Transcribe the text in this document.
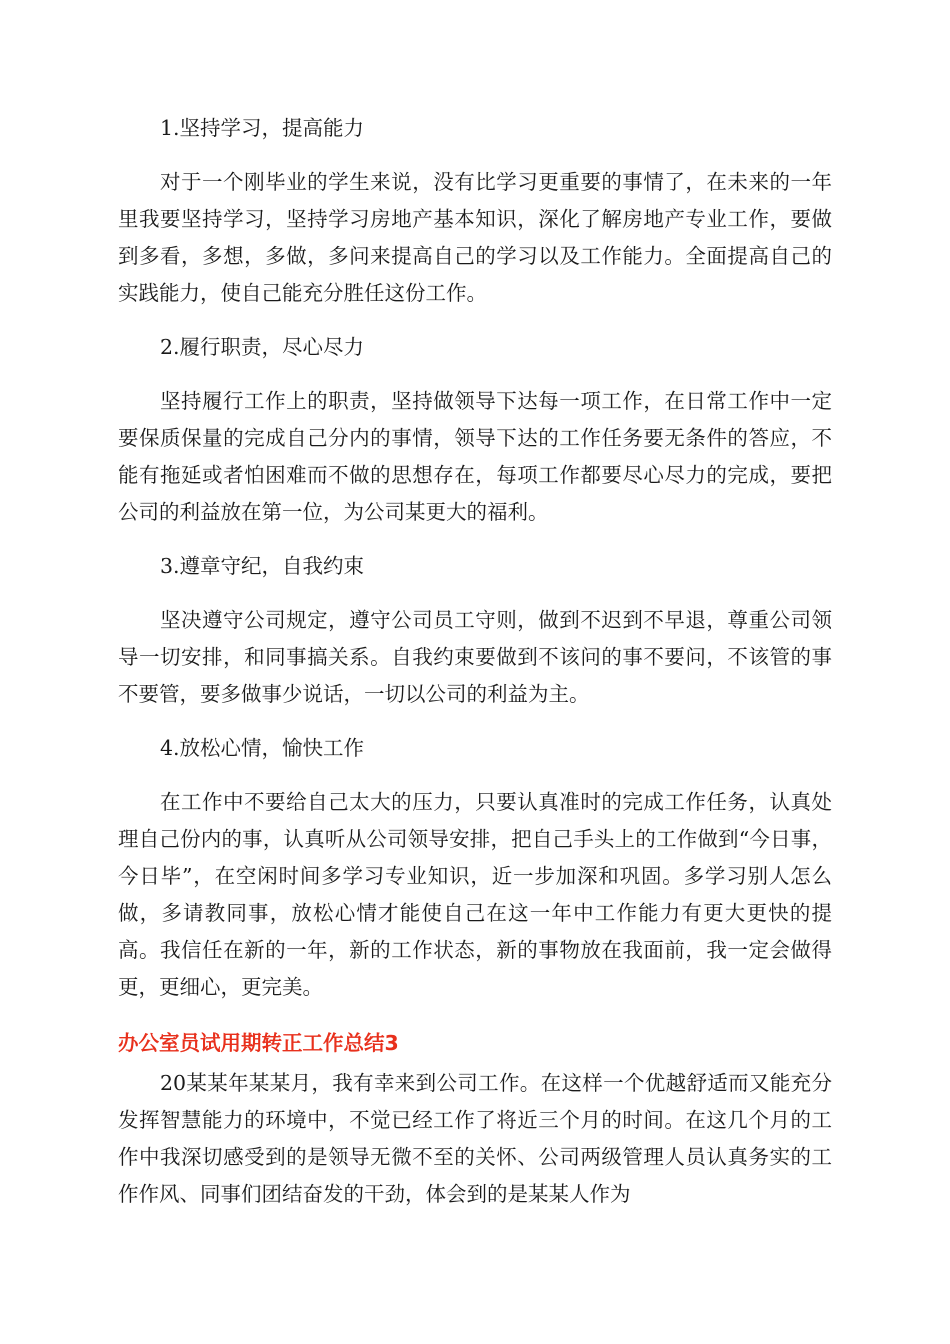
1.坚持学习，提高能力

对于一个刚毕业的学生来说，没有比学习更重要的事情了，在未来的一年里我要坚持学习，坚持学习房地产基本知识，深化了解房地产专业工作，要做到多看，多想，多做，多问来提高自己的学习以及工作能力。全面提高自己的实践能力，使自己能充分胜任这份工作。

2.履行职责，尽心尽力

坚持履行工作上的职责，坚持做领导下达每一项工作，在日常工作中一定要保质保量的完成自己分内的事情，领导下达的工作任务要无条件的答应，不能有拖延或者怕困难而不做的思想存在，每项工作都要尽心尽力的完成，要把公司的利益放在第一位，为公司某更大的福利。

3.遵章守纪，自我约束

坚决遵守公司规定，遵守公司员工守则，做到不迟到不早退，尊重公司领导一切安排，和同事搞关系。自我约束要做到不该问的事不要问，不该管的事不要管，要多做事少说话，一切以公司的利益为主。

4.放松心情，愉快工作

在工作中不要给自己太大的压力，只要认真准时的完成工作任务，认真处理自己份内的事，认真听从公司领导安排，把自己手头上的工作做到“今日事，今日毕”，在空闲时间多学习专业知识，近一步加深和巩固。多学习别人怎么做，多请教同事，放松心情才能使自己在这一年中工作能力有更大更快的提高。我信任在新的一年，新的工作状态，新的事物放在我面前，我一定会做得更，更细心，更完美。

办公室员试用期转正工作总结3

20某某年某某月，我有幸来到公司工作。在这样一个优越舒适而又能充分发挥智慧能力的环境中，不觉已经工作了将近三个月的时间。在这几个月的工作中我深切感受到的是领导无微不至的关怀、公司两级管理人员认真务实的工作作风、同事们团结奋发的干劲，体会到的是某某人作为
